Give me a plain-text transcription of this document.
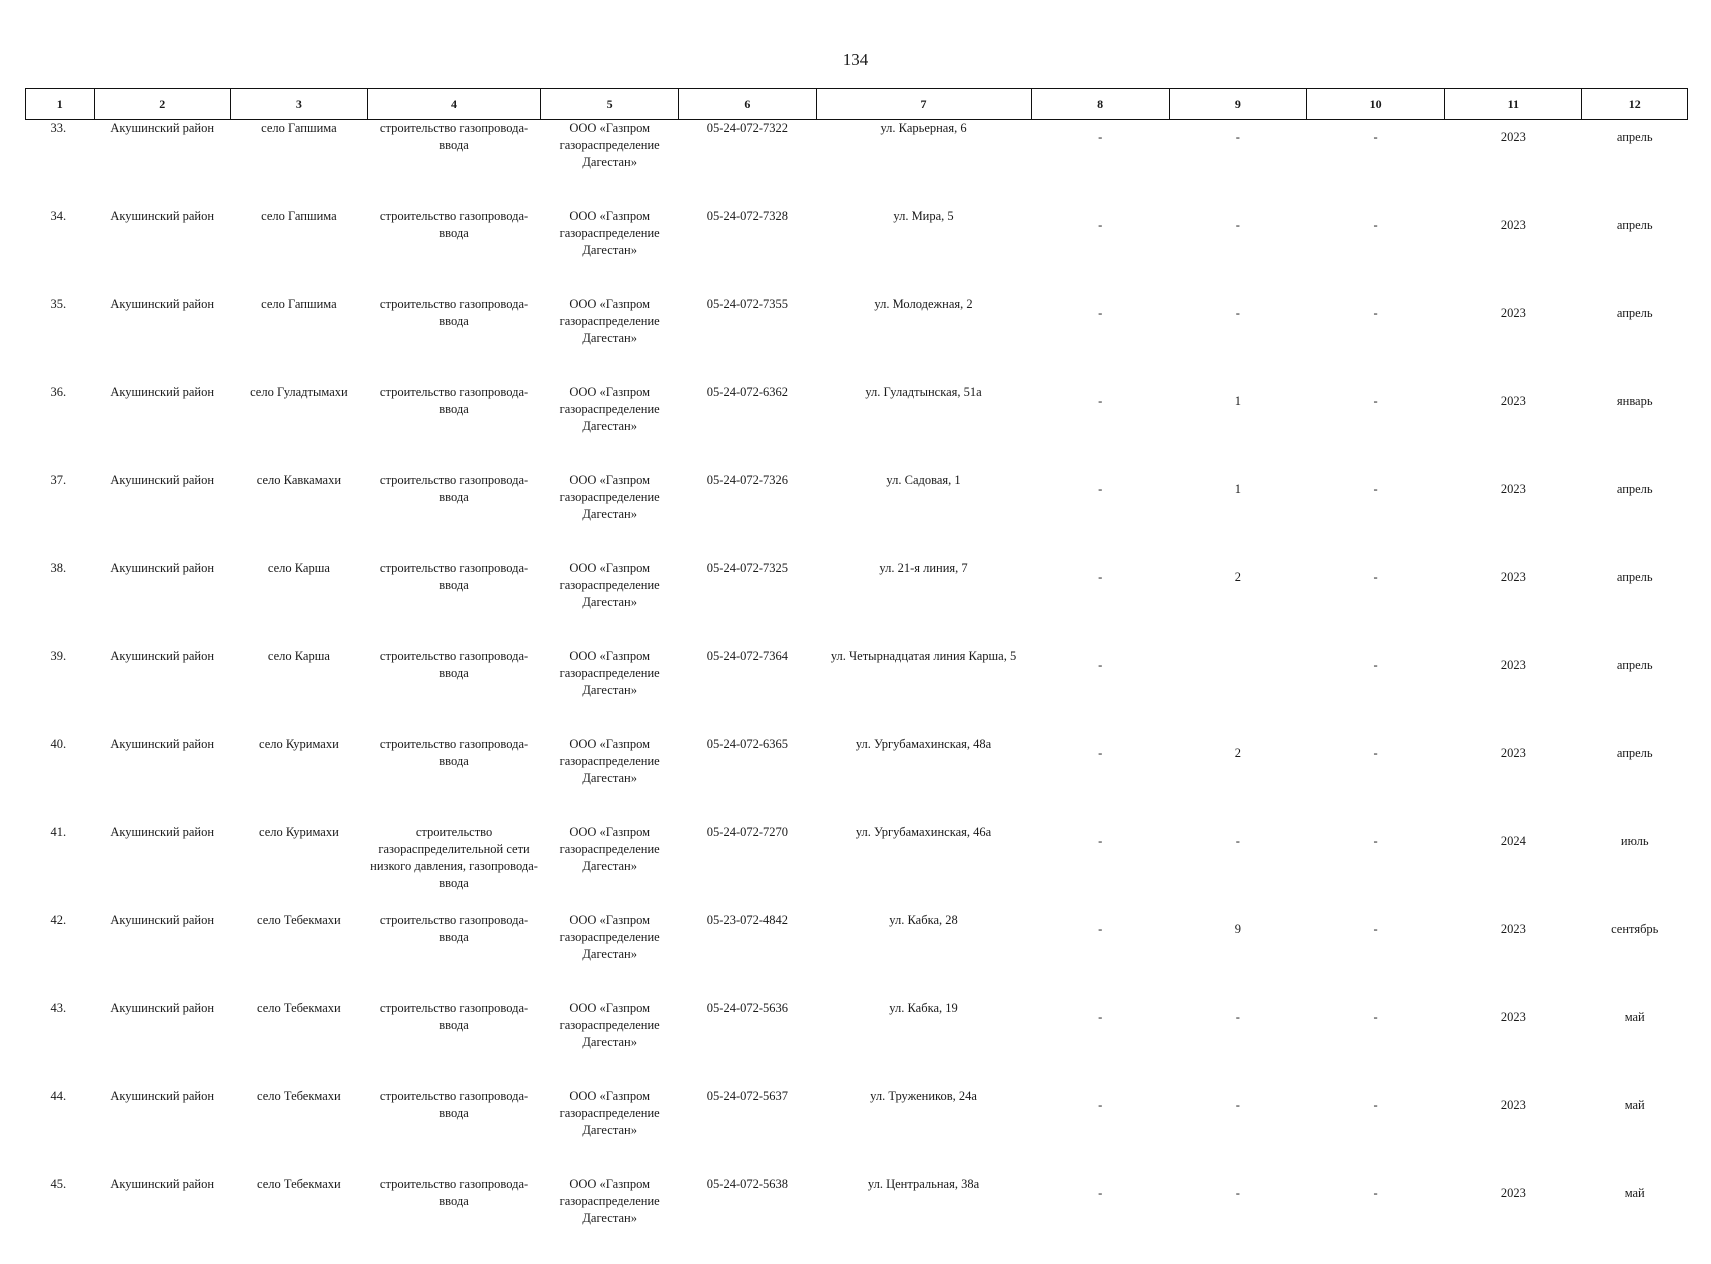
134
1	2	3	4	5	6	7	8	9	10	11	12
33.	Акушинский район	село Гапшима	строительство газопровода-ввода	ООО «Газпром газораспределение Дагестан»	05-24-072-7322	ул. Карьерная, 6	-	-	-	2023	апрель
34.	Акушинский район	село Гапшима	строительство газопровода-ввода	ООО «Газпром газораспределение Дагестан»	05-24-072-7328	ул. Мира, 5	-	-	-	2023	апрель
35.	Акушинский район	село Гапшима	строительство газопровода-ввода	ООО «Газпром газораспределение Дагестан»	05-24-072-7355	ул. Молодежная, 2	-	-	-	2023	апрель
36.	Акушинский район	село Гуладтымахи	строительство газопровода-ввода	ООО «Газпром газораспределение Дагестан»	05-24-072-6362	ул. Гуладтынская, 51а	-	1	-	2023	январь
37.	Акушинский район	село Кавкамахи	строительство газопровода-ввода	ООО «Газпром газораспределение Дагестан»	05-24-072-7326	ул. Садовая, 1	-	1	-	2023	апрель
38.	Акушинский район	село Карша	строительство газопровода-ввода	ООО «Газпром газораспределение Дагестан»	05-24-072-7325	ул. 21-я линия, 7	-	2	-	2023	апрель
39.	Акушинский район	село Карша	строительство газопровода-ввода	ООО «Газпром газораспределение Дагестан»	05-24-072-7364	ул. Четырнадцатая линия Карша, 5	-		-	2023	апрель
40.	Акушинский район	село Куримахи	строительство газопровода-ввода	ООО «Газпром газораспределение Дагестан»	05-24-072-6365	ул. Ургубамахинская, 48а	-	2	-	2023	апрель
41.	Акушинский район	село Куримахи	строительство газораспределительной сети низкого давления, газопровода-ввода	ООО «Газпром газораспределение Дагестан»	05-24-072-7270	ул. Ургубамахинская, 46а	-	-	-	2024	июль
42.	Акушинский район	село Тебекмахи	строительство газопровода-ввода	ООО «Газпром газораспределение Дагестан»	05-23-072-4842	ул. Кабка, 28	-	9	-	2023	сентябрь
43.	Акушинский район	село Тебекмахи	строительство газопровода-ввода	ООО «Газпром газораспределение Дагестан»	05-24-072-5636	ул. Кабка, 19	-	-	-	2023	май
44.	Акушинский район	село Тебекмахи	строительство газопровода-ввода	ООО «Газпром газораспределение Дагестан»	05-24-072-5637	ул. Тружеников, 24а	-	-	-	2023	май
45.	Акушинский район	село Тебекмахи	строительство газопровода-ввода	ООО «Газпром газораспределение Дагестан»	05-24-072-5638	ул. Центральная, 38а	-	-	-	2023	май
